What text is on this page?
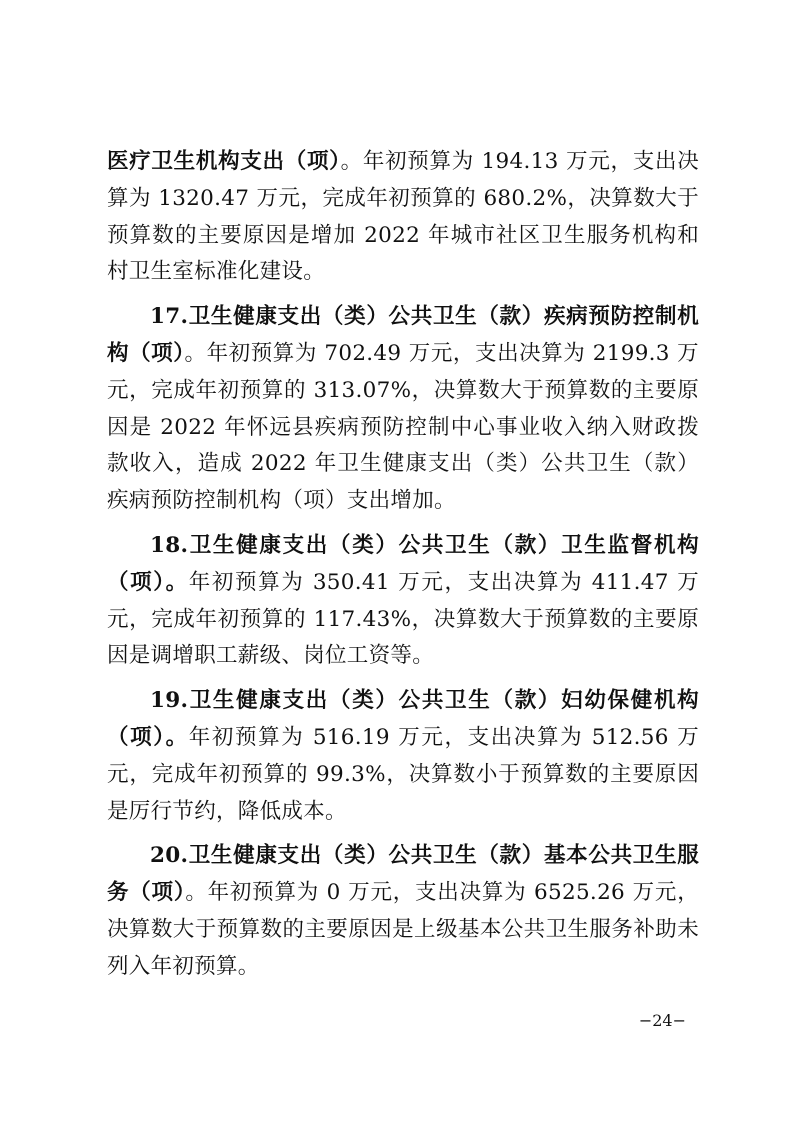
医疗卫生机构支出（项）。年初预算为 194.13 万元，支出决算为 1320.47 万元，完成年初预算的 680.2%，决算数大于预算数的主要原因是增加 2022 年城市社区卫生服务机构和村卫生室标准化建设。

17.卫生健康支出（类）公共卫生（款）疾病预防控制机构（项）。年初预算为 702.49 万元，支出决算为 2199.3 万元，完成年初预算的 313.07%，决算数大于预算数的主要原因是 2022 年怀远县疾病预防控制中心事业收入纳入财政拨款收入，造成 2022 年卫生健康支出（类）公共卫生（款）疾病预防控制机构（项）支出增加。

18.卫生健康支出（类）公共卫生（款）卫生监督机构（项）。年初预算为 350.41 万元，支出决算为 411.47 万元，完成年初预算的 117.43%，决算数大于预算数的主要原因是调增职工薪级、岗位工资等。

19.卫生健康支出（类）公共卫生（款）妇幼保健机构（项）。年初预算为 516.19 万元，支出决算为 512.56 万元，完成年初预算的 99.3%，决算数小于预算数的主要原因是厉行节约，降低成本。

20.卫生健康支出（类）公共卫生（款）基本公共卫生服务（项）。年初预算为 0 万元，支出决算为 6525.26 万元，决算数大于预算数的主要原因是上级基本公共卫生服务补助未列入年初预算。

−24−
